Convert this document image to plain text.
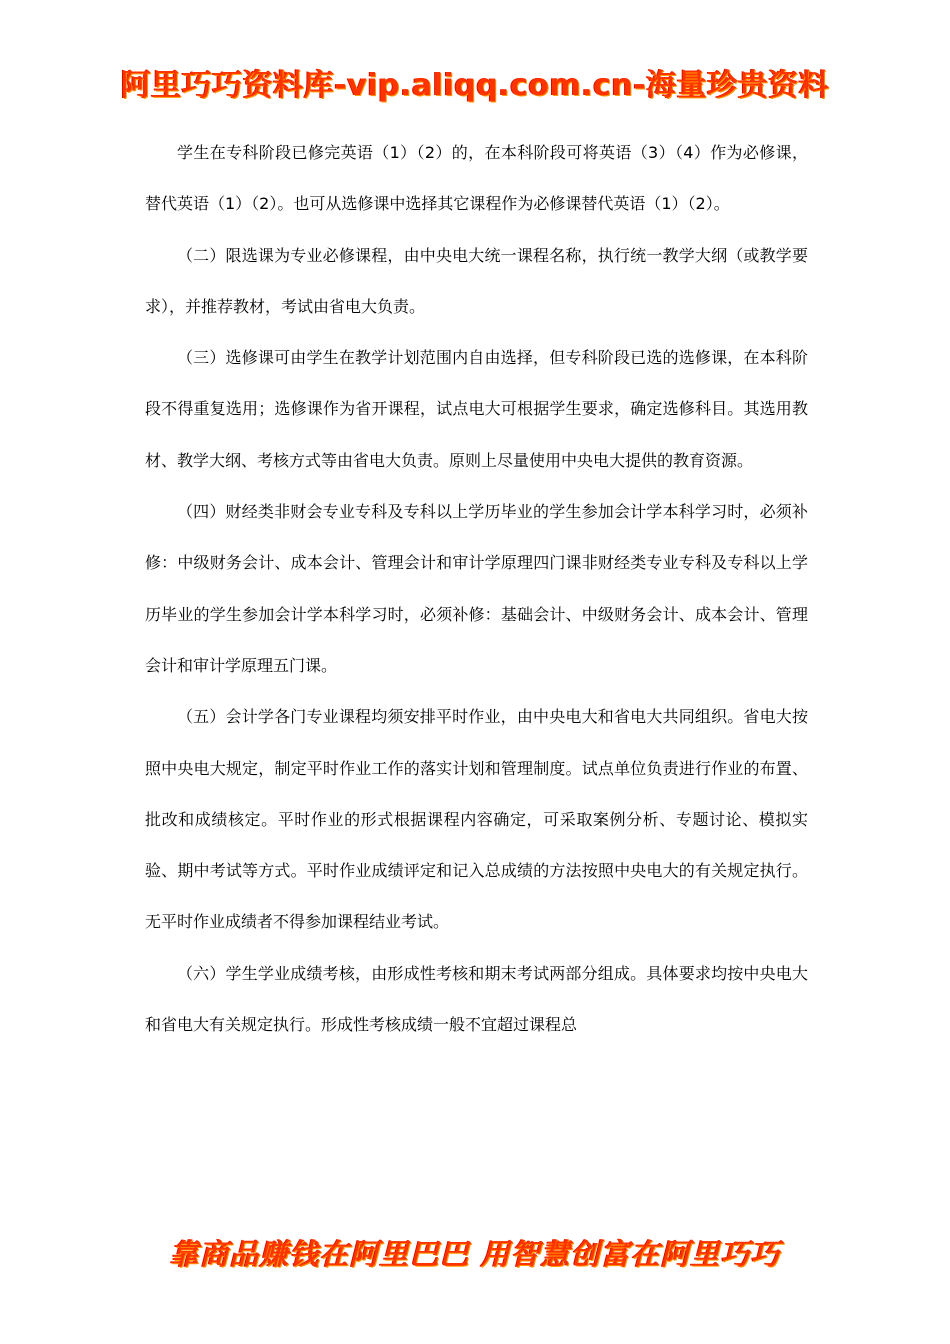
阿里巧巧资料库-vip.aliqq.com.cn-海量珍贵资料

学生在专科阶段已修完英语（1）（2）的，在本科阶段可将英语（3）（4）作为必修课，替代英语（1）（2）。也可从选修课中选择其它课程作为必修课替代英语（1）（2）。

（二）限选课为专业必修课程，由中央电大统一课程名称，执行统一教学大纲（或教学要求），并推荐教材，考试由省电大负责。

（三）选修课可由学生在教学计划范围内自由选择，但专科阶段已选的选修课，在本科阶段不得重复选用；选修课作为省开课程，试点电大可根据学生要求，确定选修科目。其选用教材、教学大纲、考核方式等由省电大负责。原则上尽量使用中央电大提供的教育资源。

（四）财经类非财会专业专科及专科以上学历毕业的学生参加会计学本科学习时，必须补修：中级财务会计、成本会计、管理会计和审计学原理四门课非财经类专业专科及专科以上学历毕业的学生参加会计学本科学习时，必须补修：基础会计、中级财务会计、成本会计、管理会计和审计学原理五门课。

（五）会计学各门专业课程均须安排平时作业，由中央电大和省电大共同组织。省电大按照中央电大规定，制定平时作业工作的落实计划和管理制度。试点单位负责进行作业的布置、批改和成绩核定。平时作业的形式根据课程内容确定，可采取案例分析、专题讨论、模拟实验、期中考试等方式。平时作业成绩评定和记入总成绩的方法按照中央电大的有关规定执行。无平时作业成绩者不得参加课程结业考试。

（六）学生学业成绩考核，由形成性考核和期末考试两部分组成。具体要求均按中央电大和省电大有关规定执行。形成性考核成绩一般不宜超过课程总

靠商品赚钱在阿里巴巴 用智慧创富在阿里巧巧
